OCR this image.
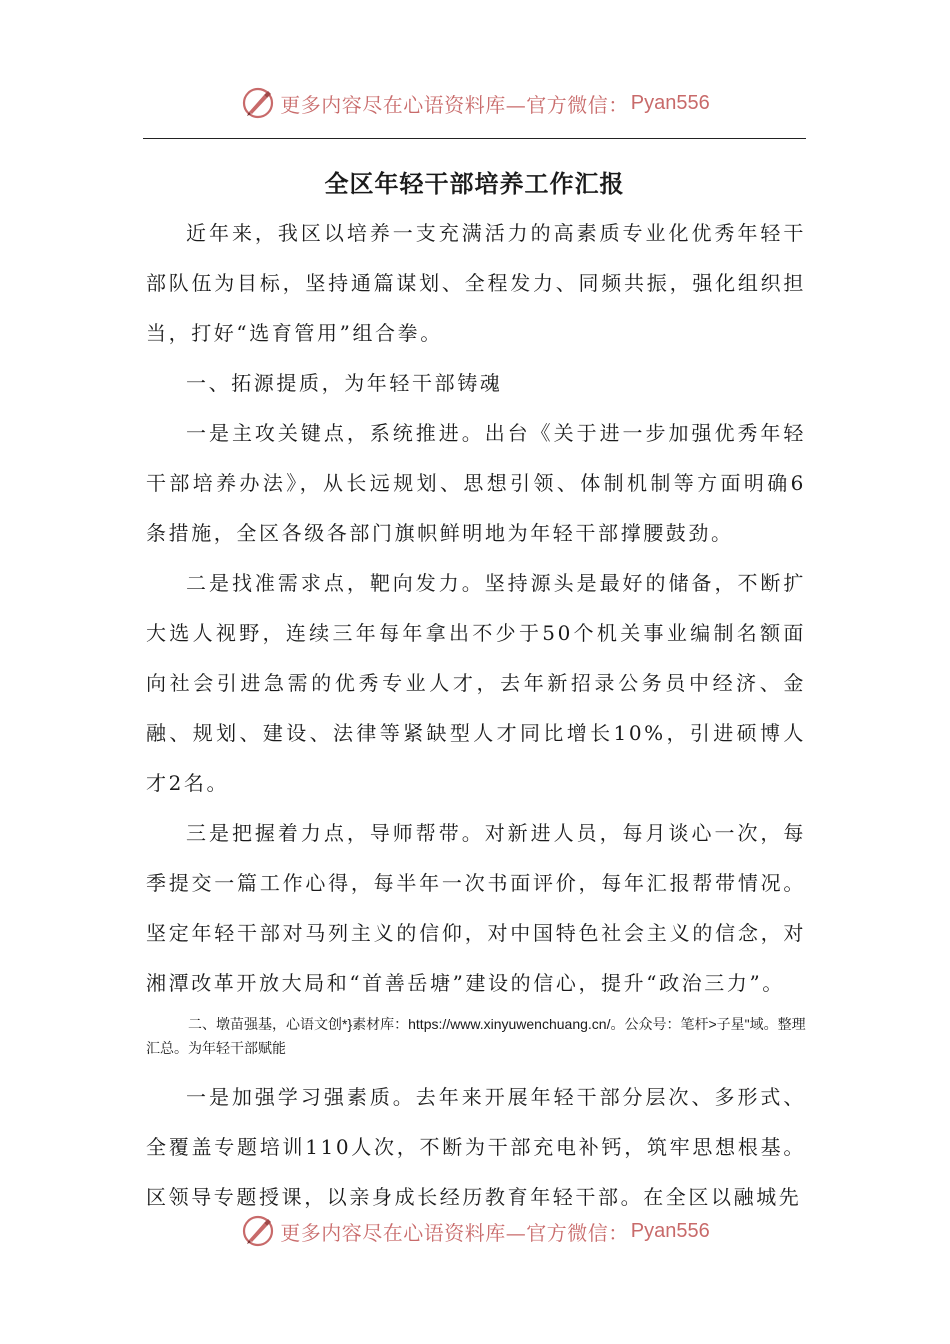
更多内容尽在心语资料库—官方微信： Pyan556
全区年轻干部培养工作汇报

近年来，我区以培养一支充满活力的高素质专业化优秀年轻干部队伍为目标，坚持通篇谋划、全程发力、同频共振，强化组织担当，打好“选育管用”组合拳。

一、拓源提质，为年轻干部铸魂

一是主攻关键点，系统推进。出台《关于进一步加强优秀年轻干部培养办法》，从长远规划、思想引领、体制机制等方面明确6条措施，全区各级各部门旗帜鲜明地为年轻干部撑腰鼓劲。

二是找准需求点，靶向发力。坚持源头是最好的储备，不断扩大选人视野，连续三年每年拿出不少于50个机关事业编制名额面向社会引进急需的优秀专业人才，去年新招录公务员中经济、金融、规划、建设、法律等紧缺型人才同比增长10%，引进硕博人才2名。

三是把握着力点，导师帮带。对新进人员，每月谈心一次，每季提交一篇工作心得，每半年一次书面评价，每年汇报帮带情况。坚定年轻干部对马列主义的信仰，对中国特色社会主义的信念，对湘潭改革开放大局和“首善岳塘”建设的信心，提升“政治三力”。

二、墩苗强基，心语文创*}素材库：https://www.xinyuwenchuang.cn/。公众号：笔杆>子星"域。整理汇总。为年轻干部赋能

一是加强学习强素质。去年来开展年轻干部分层次、多形式、全覆盖专题培训110人次，不断为干部充电补钙，筑牢思想根基。区领导专题授课，以亲身成长经历教育年轻干部。在全区以融城先

更多内容尽在心语资料库—官方微信： Pyan556
